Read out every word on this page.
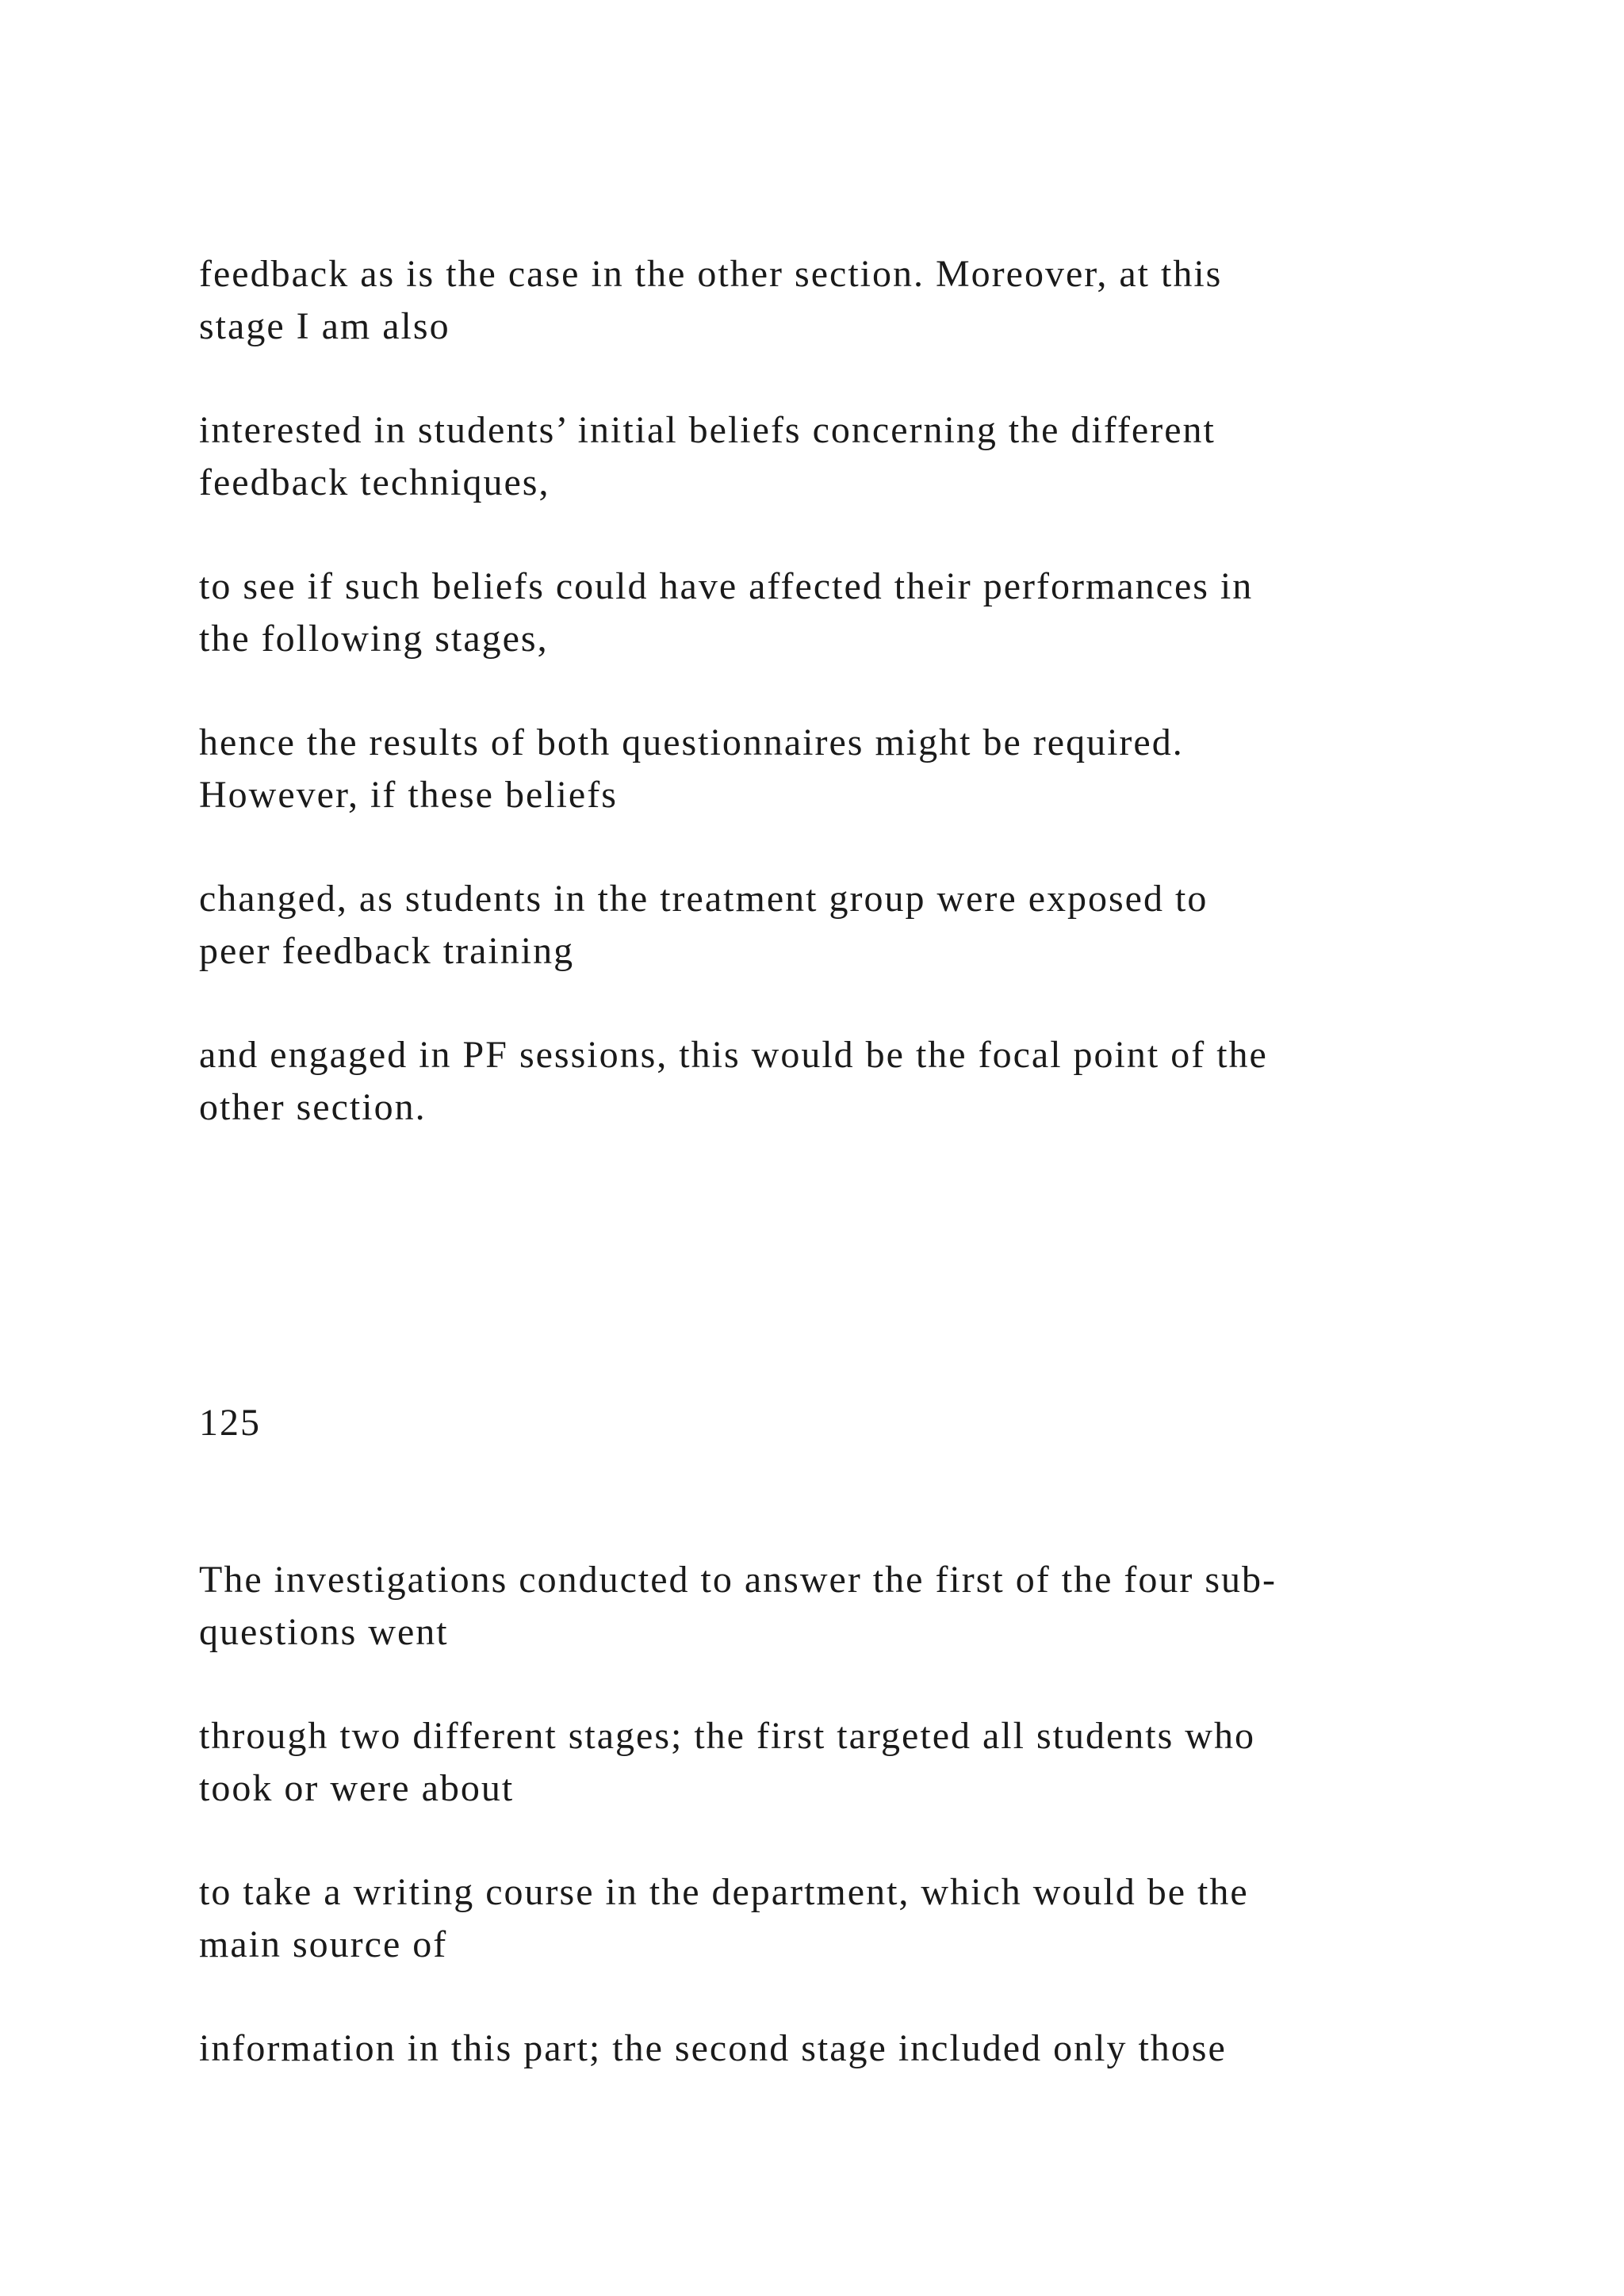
feedback as is the case in the other section. Moreover, at this
stage I am also

interested in students’ initial beliefs concerning the different
feedback techniques,

to see if such beliefs could have affected their performances in
the following stages,

hence the results of both questionnaires might be required.
However, if these beliefs

changed, as students in the treatment group were exposed to
peer feedback training

and engaged in PF sessions, this would be the focal point of the
other section.

125

The investigations conducted to answer the first of the four sub-
questions went

through two different stages; the first targeted all students who
took or were about

to take a writing course in the department, which would be the
main source of

information in this part; the second stage included only those
